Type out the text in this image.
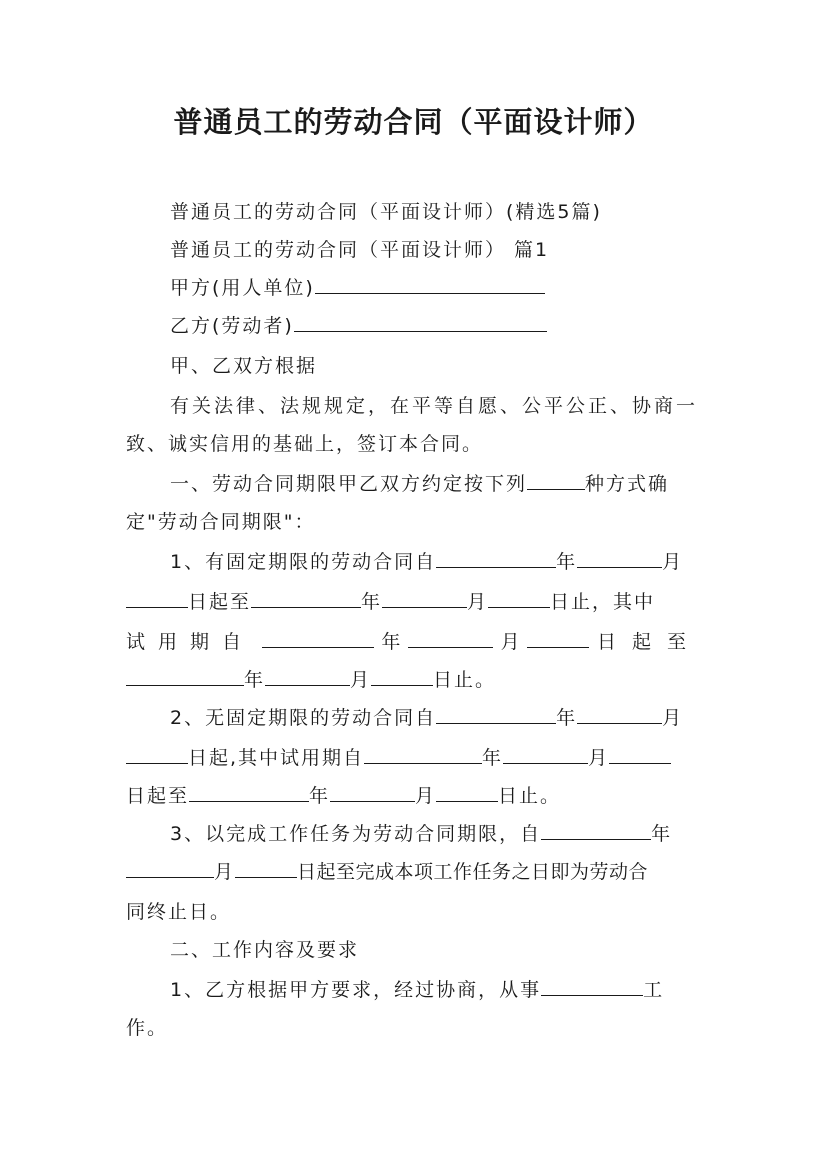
普通员工的劳动合同（平面设计师）
普通员工的劳动合同（平面设计师）(精选5篇)
普通员工的劳动合同（平面设计师） 篇1
甲方(用人单位)
乙方(劳动者)
甲、乙双方根据
有关法律、法规规定，在平等自愿、公平公正、协商一
致、诚实信用的基础上，签订本合同。
一、劳动合同期限甲乙双方约定按下列	种方式确
定"劳动合同期限"：
1、有固定期限的劳动合同自	年	月
日起至	年	月	日止，其中
试用期自	年	月	日起至
年	月	日止。
2、无固定期限的劳动合同自	年	月
日起,其中试用期自	年	月
日起至	年	月	日止。
3、以完成工作任务为劳动合同期限，自	年
月	日起至完成本项工作任务之日即为劳动合
同终止日。
二、工作内容及要求
1、乙方根据甲方要求，经过协商，从事	工
作。
